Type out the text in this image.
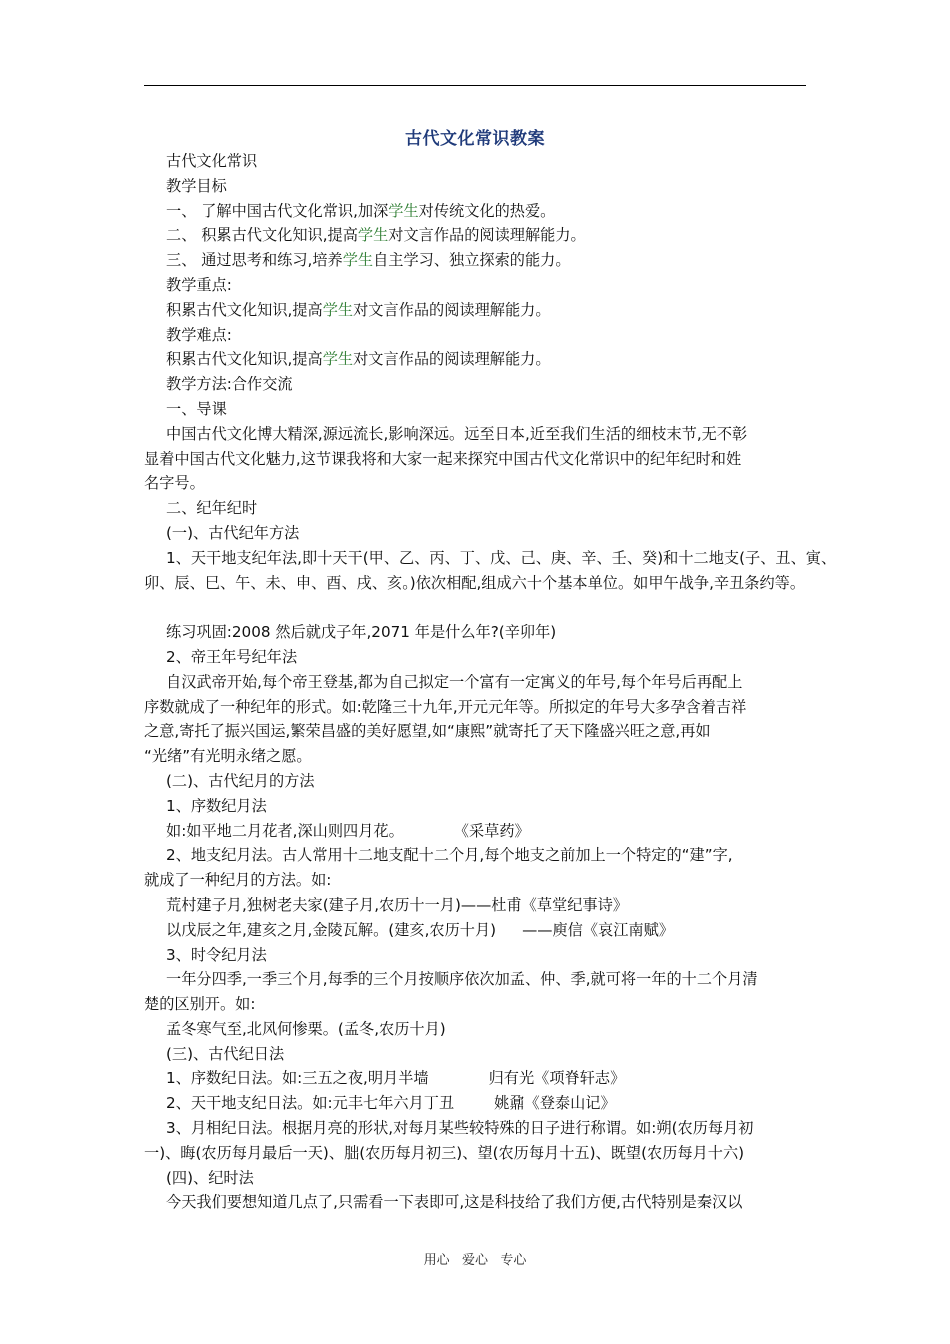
古代文化常识教案
古代文化常识
教学目标
一、 了解中国古代文化常识,加深学生对传统文化的热爱。
二、 积累古代文化知识,提高学生对文言作品的阅读理解能力。
三、 通过思考和练习,培养学生自主学习、独立探索的能力。
教学重点:
积累古代文化知识,提高学生对文言作品的阅读理解能力。
教学难点:
积累古代文化知识,提高学生对文言作品的阅读理解能力。
教学方法:合作交流
一、导课
中国古代文化博大精深,源远流长,影响深远。远至日本,近至我们生活的细枝末节,无不彰
显着中国古代文化魅力,这节课我将和大家一起来探究中国古代文化常识中的纪年纪时和姓
名字号。
二、纪年纪时
(一)、古代纪年方法
1、天干地支纪年法,即十天干(甲、乙、丙、丁、戊、己、庚、辛、壬、癸)和十二地支(子、丑、寅、
卯、辰、巳、午、未、申、酉、戌、亥。)依次相配,组成六十个基本单位。如甲午战争,辛丑条约等。
练习巩固:2008 然后就戊子年,2071 年是什么年?(辛卯年)
2、帝王年号纪年法
自汉武帝开始,每个帝王登基,都为自己拟定一个富有一定寓义的年号,每个年号后再配上
序数就成了一种纪年的形式。如:乾隆三十九年,开元元年等。所拟定的年号大多孕含着吉祥
之意,寄托了振兴国运,繁荣昌盛的美好愿望,如“康熙”就寄托了天下隆盛兴旺之意,再如
“光绪”有光明永绪之愿。
(二)、古代纪月的方法
1、序数纪月法
如:如平地二月花者,深山则四月花。	《采草药》
2、地支纪月法。古人常用十二地支配十二个月,每个地支之前加上一个特定的“建”字,
就成了一种纪月的方法。如:
荒村建子月,独树老夫家(建子月,农历十一月)——杜甫《草堂纪事诗》
以戊辰之年,建亥之月,金陵瓦解。(建亥,农历十月) ——庾信《哀江南赋》
3、时令纪月法
一年分四季,一季三个月,每季的三个月按顺序依次加孟、仲、季,就可将一年的十二个月清
楚的区别开。如:
孟冬寒气至,北风何惨栗。(孟冬,农历十月)
(三)、古代纪日法
1、序数纪日法。如:三五之夜,明月半墙	归有光《项脊轩志》
2、天干地支纪日法。如:元丰七年六月丁丑	姚鼐《登泰山记》
3、月相纪日法。根据月亮的形状,对每月某些较特殊的日子进行称谓。如:朔(农历每月初
一)、晦(农历每月最后一天)、朏(农历每月初三)、望(农历每月十五)、既望(农历每月十六)
(四)、纪时法
今天我们要想知道几点了,只需看一下表即可,这是科技给了我们方便,古代特别是秦汉以
用心   爱心   专心
